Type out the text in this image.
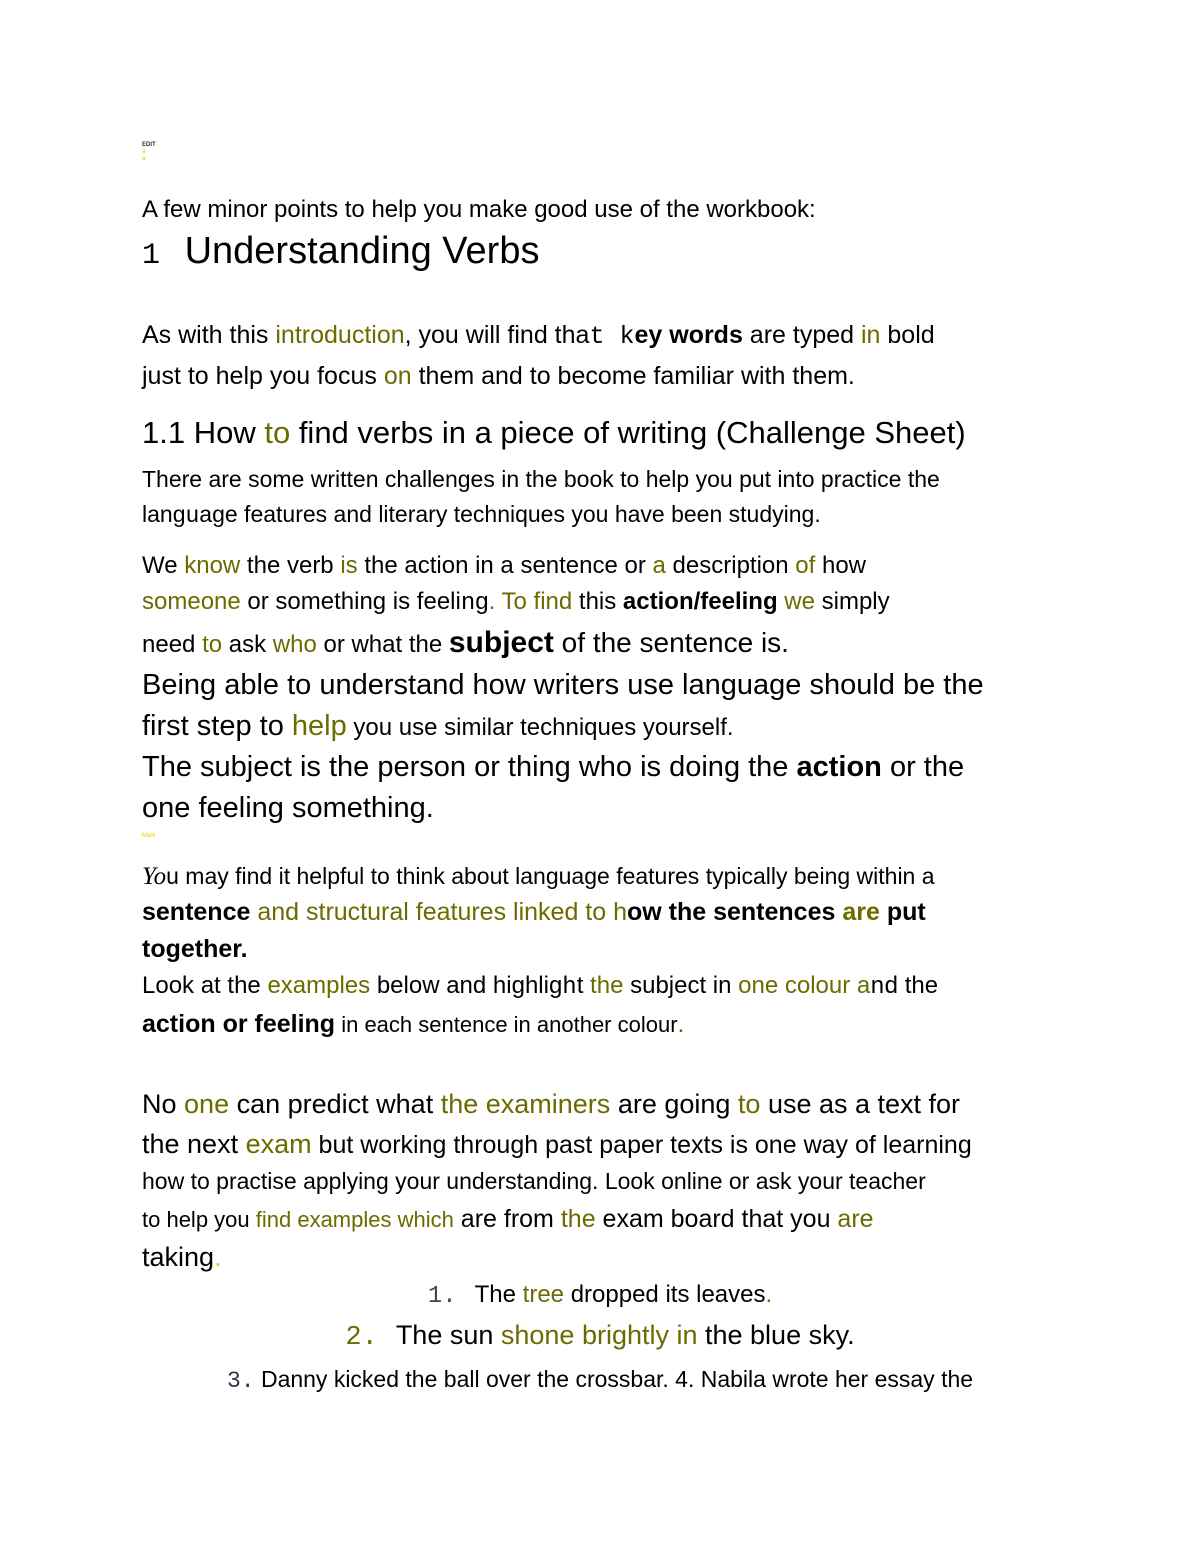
EDIT
a
a
A few minor points to help you make good use of the workbook:
1 Understanding Verbs
As with this introduction, you will find that key words are typed in bold
just to help you focus on them and to become familiar with them.
1.1 How to find verbs in a piece of writing (Challenge Sheet)
There are some written challenges in the book to help you put into practice the
language features and literary techniques you have been studying.
We know the verb is the action in a sentence or a description of how
someone or something is feeling. To find this action/feeling we simply
need to ask who or what the subject of the sentence is.
Being able to understand how writers use language should be the
first step to help you use similar techniques yourself.
The subject is the person or thing who is doing the action or the
one feeling something.
Mark
You may find it helpful to think about language features typically being within a
sentence and structural features linked to how the sentences are put
together.
Look at the examples below and highlight the subject in one colour and the
action or feeling in each sentence in another colour.
No one can predict what the examiners are going to use as a text for
the next exam but working through past paper texts is one way of learning
how to practise applying your understanding. Look online or ask your teacher
to help you find examples which are from the exam board that you are
taking.
1. The tree dropped its leaves.
2. The sun shone brightly in the blue sky.
3. Danny kicked the ball over the crossbar. 4. Nabila wrote her essay the
